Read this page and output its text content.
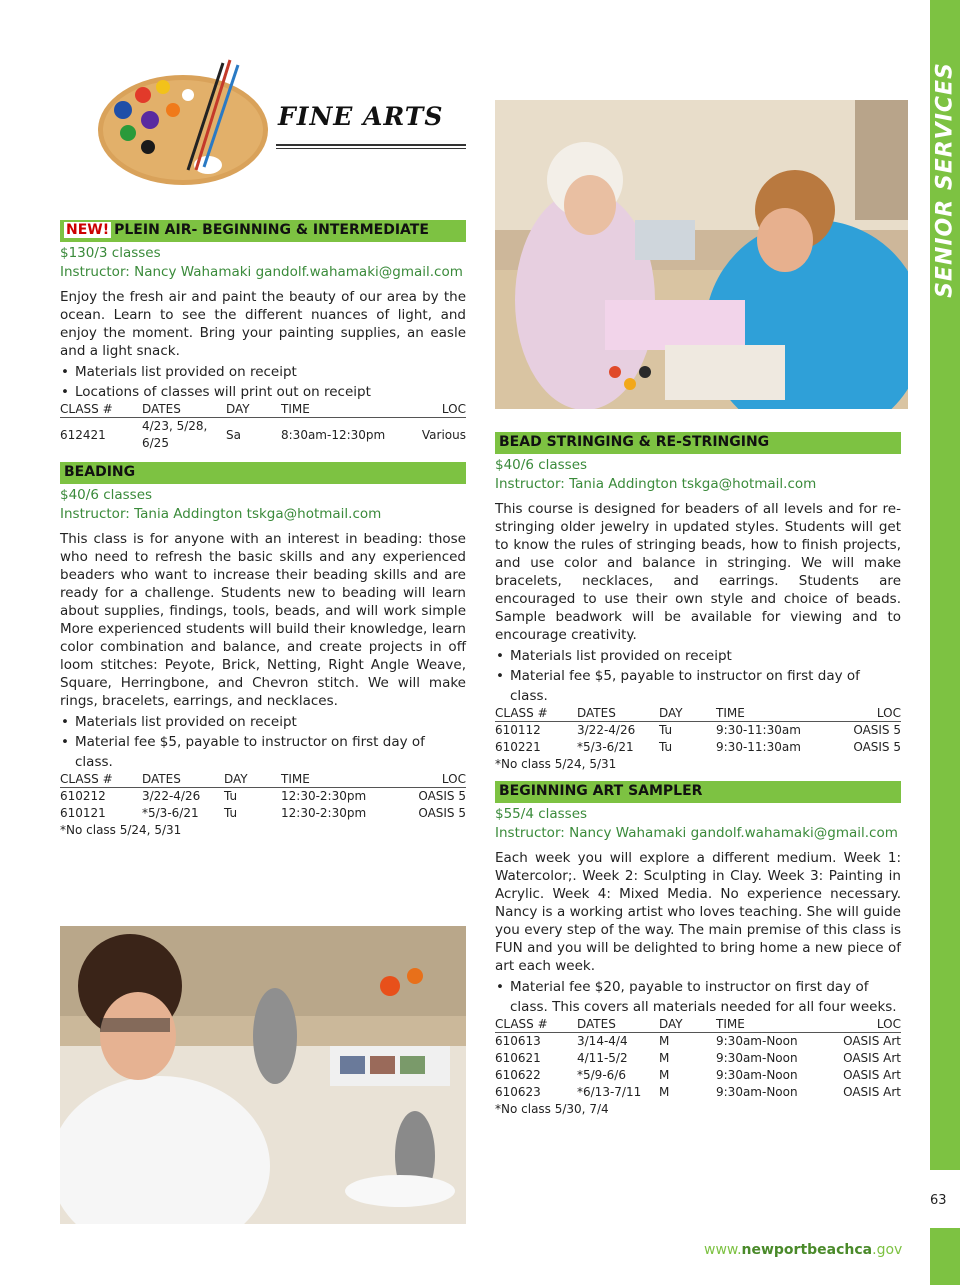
SENIOR SERVICES
63
www.newportbeachca.gov
FINE ARTS
NEW! PLEIN AIR- BEGINNING & INTERMEDIATE
$130/3 classes
Instructor: Nancy Wahamaki gandolf.wahamaki@gmail.com
Enjoy the fresh air and paint the beauty of our area by the ocean. Learn to see the different nuances of light, and enjoy the moment. Bring your painting supplies, an easle and a light snack.
• Materials list provided on receipt
• Locations of classes will print out on receipt
CLASS #	DATES	DAY	TIME	LOC
612421	4/23, 5/28, 6/25	Sa	8:30am-12:30pm	Various
BEADING
$40/6 classes
Instructor: Tania Addington tskga@hotmail.com
This class is for anyone with an interest in beading: those who need to refresh the basic skills and any experienced beaders who want to increase their beading skills and are ready for a challenge. Students new to beading will learn about supplies, findings, tools, beads, and will work simple More experienced students will build their knowledge, learn color combination and balance, and create projects in off loom stitches: Peyote, Brick, Netting, Right Angle Weave, Square, Herringbone, and Chevron stitch. We will make rings, bracelets, earrings, and necklaces.
• Materials list provided on receipt
• Material fee $5, payable to instructor on first day of class.
CLASS #	DATES	DAY	TIME	LOC
610212	3/22-4/26	Tu	12:30-2:30pm	OASIS 5
610121	*5/3-6/21	Tu	12:30-2:30pm	OASIS 5
*No class 5/24, 5/31
BEAD STRINGING & RE-STRINGING
$40/6 classes
Instructor: Tania Addington tskga@hotmail.com
This course is designed for beaders of all levels and for re-stringing older jewelry in updated styles. Students will get to know the rules of stringing beads, how to finish projects, and use color and balance in stringing. We will make bracelets, necklaces, and earrings. Students are encouraged to use their own style and choice of beads. Sample beadwork will be available for viewing and to encourage creativity.
• Materials list provided on receipt
• Material fee $5, payable to instructor on first day of class.
CLASS #	DATES	DAY	TIME	LOC
610112	3/22-4/26	Tu	9:30-11:30am	OASIS 5
610221	*5/3-6/21	Tu	9:30-11:30am	OASIS 5
*No class 5/24, 5/31
BEGINNING ART SAMPLER
$55/4 classes
Instructor: Nancy Wahamaki gandolf.wahamaki@gmail.com
Each week you will explore a different medium. Week 1: Watercolor;. Week 2: Sculpting in Clay. Week 3: Painting in Acrylic. Week 4: Mixed Media. No experience necessary. Nancy is a working artist who loves teaching. She will guide you every step of the way. The main premise of this class is FUN and you will be delighted to bring home a new piece of art each week.
• Material fee $20, payable to instructor on first day of class. This covers all materials needed for all four weeks.
CLASS #	DATES	DAY	TIME	LOC
610613	3/14-4/4	M	9:30am-Noon	OASIS Art
610621	4/11-5/2	M	9:30am-Noon	OASIS Art
610622	*5/9-6/6	M	9:30am-Noon	OASIS Art
610623	*6/13-7/11	M	9:30am-Noon	OASIS Art
*No class 5/30, 7/4
